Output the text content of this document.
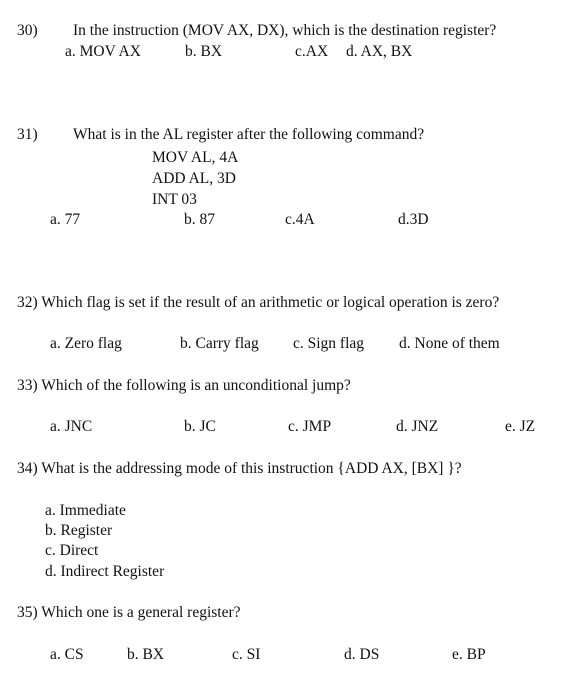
30) In the instruction (MOV AX, DX), which is the destination register?
a. MOV AX	b. BX	c.AX d. AX, BX
31) What is in the AL register after the following command?
MOV AL, 4A
ADD AL, 3D
INT 03
a. 77	b. 87	c.4A	d.3D
32) Which flag is set if the result of an arithmetic or logical operation is zero?
a. Zero flag	b. Carry flag c. Sign flag d. None of them
33) Which of the following is an unconditional jump?
a. JNC	b. JC	c. JMP	d. JNZ	e. JZ
34) What is the addressing mode of this instruction {ADD AX, [BX] }?
a. Immediate
b. Register
c. Direct
d. Indirect Register
35) Which one is a general register?
a. CS	b. BX	c. SI	d. DS	e. BP
